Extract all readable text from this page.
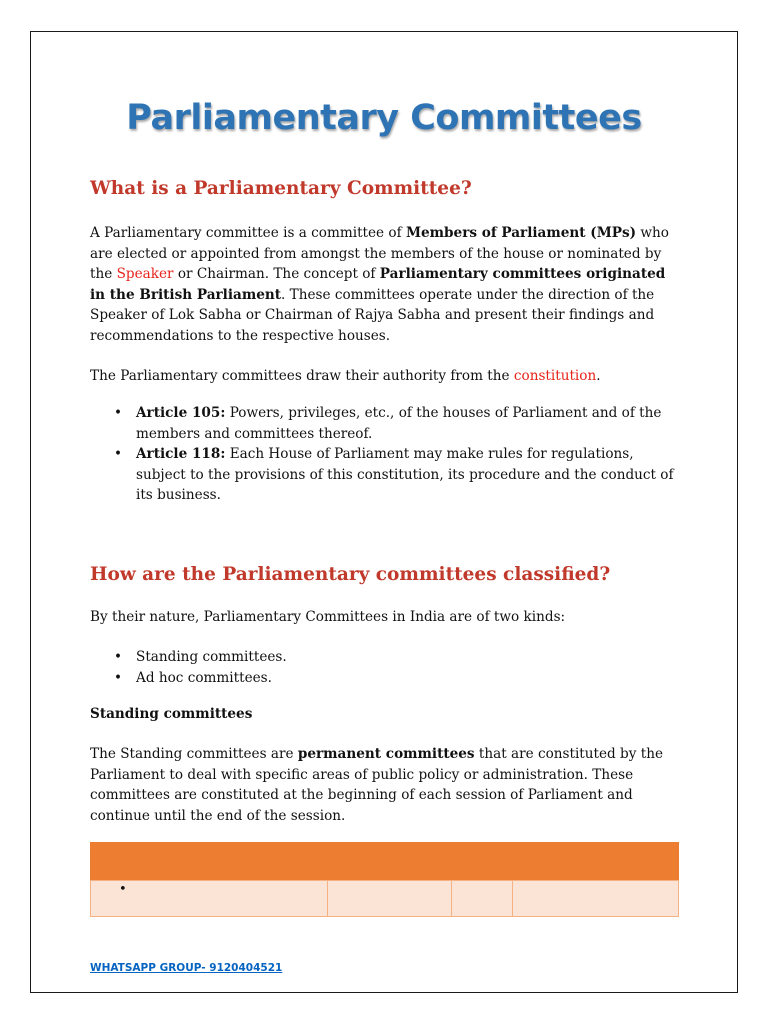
Parliamentary Committees
What is a Parliamentary Committee?

A Parliamentary committee is a committee of Members of Parliament (MPs) who are elected or appointed from amongst the members of the house or nominated by the Speaker or Chairman. The concept of Parliamentary committees originated in the British Parliament. These committees operate under the direction of the Speaker of Lok Sabha or Chairman of Rajya Sabha and present their findings and recommendations to the respective houses.

The Parliamentary committees draw their authority from the constitution.

• Article 105: Powers, privileges, etc., of the houses of Parliament and of the members and committees thereof.
• Article 118: Each House of Parliament may make rules for regulations, subject to the provisions of this constitution, its procedure and the conduct of its business.
How are the Parliamentary committees classified?

By their nature, Parliamentary Committees in India are of two kinds:

• Standing committees.
• Ad hoc committees.
Standing committees

The Standing committees are permanent committees that are constituted by the Parliament to deal with specific areas of public policy or administration. These committees are constituted at the beginning of each session of Parliament and continue until the end of the session.

•
WHATSAPP GROUP- 9120404521
